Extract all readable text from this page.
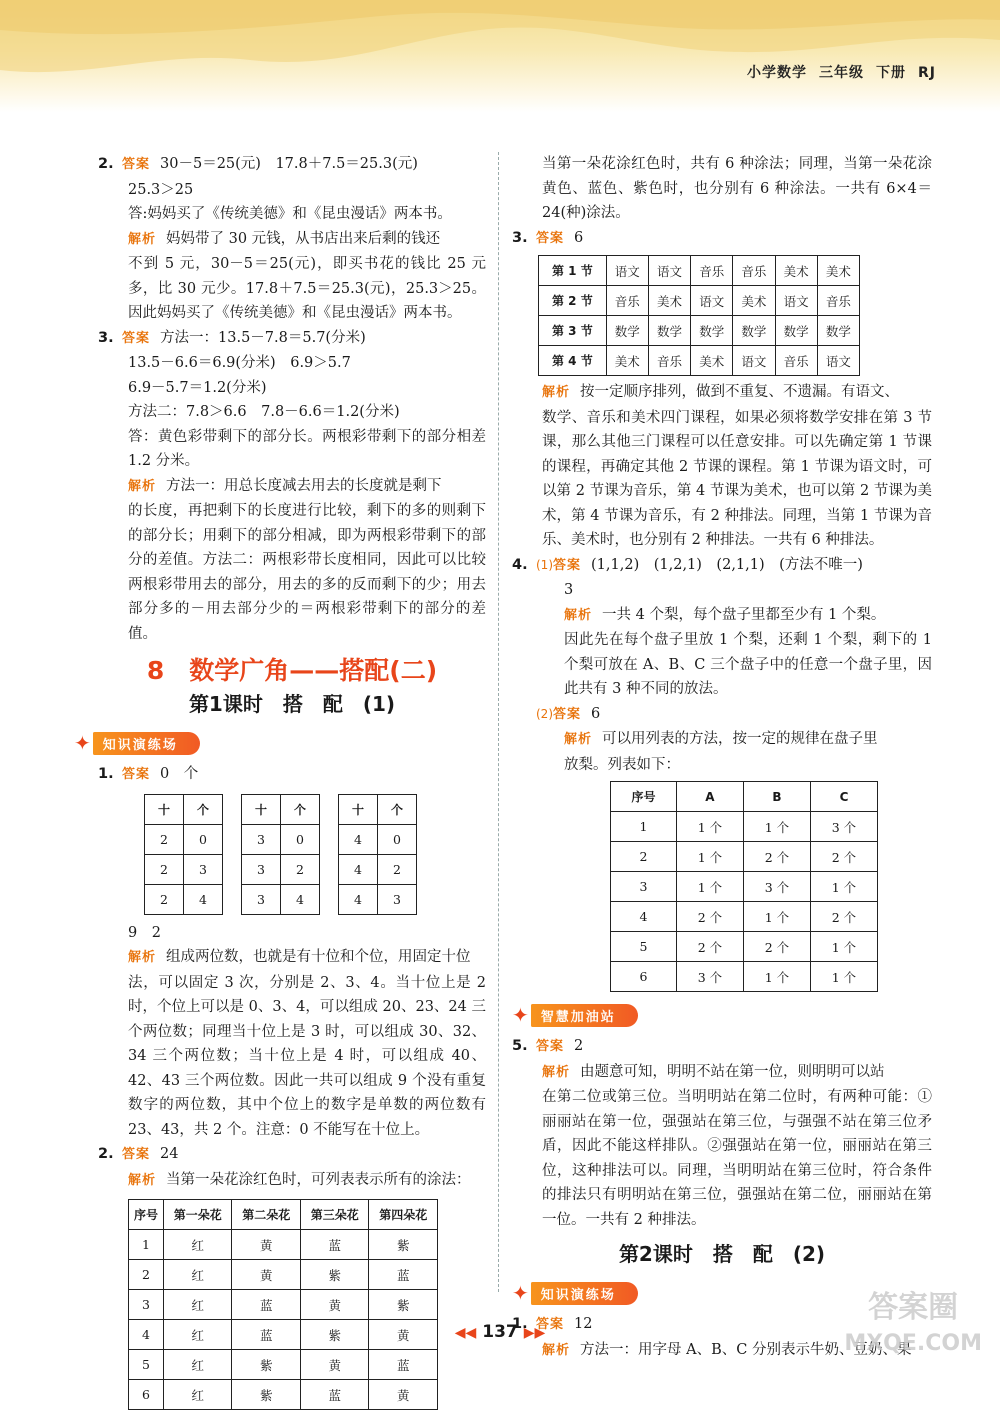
小学数学 三年级 下册 RJ
2. 答案 30－5＝25(元)　17.8＋7.5＝25.3(元)
25.3＞25
答:妈妈买了《传统美德》和《昆虫漫话》两本书。
解析 妈妈带了 30 元钱，从书店出来后剩的钱还
不到 5 元，30－5＝25(元)，即买书花的钱比 25 元多，比 30 元少。17.8＋7.5＝25.3(元)，25.3＞25。因此妈妈买了《传统美德》和《昆虫漫话》两本书。
3. 答案 方法一：13.5－7.8＝5.7(分米)
13.5－6.6＝6.9(分米)　6.9＞5.7
6.9－5.7＝1.2(分米)
方法二：7.8＞6.6　7.8－6.6＝1.2(分米)
答：黄色彩带剩下的部分长。两根彩带剩下的部分相差 1.2 分米。
解析 方法一：用总长度减去用去的长度就是剩下
的长度，再把剩下的长度进行比较，剩下的多的则剩下的部分长；用剩下的部分相减，即为两根彩带剩下的部分的差值。方法二：两根彩带长度相同，因此可以比较两根彩带用去的部分，用去的多的反而剩下的少；用去部分多的－用去部分少的＝两根彩带剩下的部分的差值。
8　数学广角——搭配(二)
第1课时　搭　配　(1)
✦ 知识演练场
1. 答案 0　个
十	个
2	0
2	3
2	4
十	个
3	0
3	2
3	4
十	个
4	0
4	2
4	3
9　2
解析 组成两位数，也就是有十位和个位，用固定十位
法，可以固定 3 次，分别是 2、3、4。当十位上是 2 时，个位上可以是 0、3、4，可以组成 20、23、24 三个两位数；同理当十位上是 3 时，可以组成 30、32、34 三个两位数；当十位上是 4 时，可以组成 40、42、43 三个两位数。因此一共可以组成 9 个没有重复数字的两位数，其中个位上的数字是单数的两位数有 23、43，共 2 个。注意：0 不能写在十位上。
2. 答案 24
解析 当第一朵花涂红色时，可列表表示所有的涂法：
序号	第一朵花	第二朵花	第三朵花	第四朵花
1	红	黄	蓝	紫
2	红	黄	紫	蓝
3	红	蓝	黄	紫
4	红	蓝	紫	黄
5	红	紫	黄	蓝
6	红	紫	蓝	黄
当第一朵花涂红色时，共有 6 种涂法；同理，当第一朵花涂黄色、蓝色、紫色时，也分别有 6 种涂法。一共有 6×4＝24(种)涂法。
3. 答案 6
第 1 节	语文	语文	音乐	音乐	美术	美术
第 2 节	音乐	美术	语文	美术	语文	音乐
第 3 节	数学	数学	数学	数学	数学	数学
第 4 节	美术	音乐	美术	语文	音乐	语文
解析 按一定顺序排列，做到不重复、不遗漏。有语文、
数学、音乐和美术四门课程，如果必须将数学安排在第 3 节课，那么其他三门课程可以任意安排。可以先确定第 1 节课的课程，再确定其他 2 节课的课程。第 1 节课为语文时，可以第 2 节课为音乐，第 4 节课为美术，也可以第 2 节课为美术，第 4 节课为音乐，有 2 种排法。同理，当第 1 节课为音乐、美术时，也分别有 2 种排法。一共有 6 种排法。
4. (1)答案 (1,1,2)　(1,2,1)　(2,1,1)　(方法不唯一)
3
解析 一共 4 个梨，每个盘子里都至少有 1 个梨。
因此先在每个盘子里放 1 个梨，还剩 1 个梨，剩下的 1 个梨可放在 A、B、C 三个盘子中的任意一个盘子里，因此共有 3 种不同的放法。
(2)答案 6
解析 可以用列表的方法，按一定的规律在盘子里
放梨。列表如下：
序号	A	B	C
1	1 个	1 个	3 个
2	1 个	2 个	2 个
3	1 个	3 个	1 个
4	2 个	1 个	2 个
5	2 个	2 个	1 个
6	3 个	1 个	1 个
✦ 智慧加油站
5. 答案 2
解析 由题意可知，明明不站在第一位，则明明可以站
在第二位或第三位。当明明站在第二位时，有两种可能：①丽丽站在第一位，强强站在第三位，与强强不站在第三位矛盾，因此不能这样排队。②强强站在第一位，丽丽站在第三位，这种排法可以。同理，当明明站在第三位时，符合条件的排法只有明明站在第三位，强强站在第二位，丽丽站在第一位。一共有 2 种排法。
第2课时　搭　配　(2)
✦ 知识演练场
1. 答案 12
解析 方法一：用字母 A、B、C 分别表示牛奶、豆奶、果
◀◀ 137 ▶▶
答案圈
MXQE.COM
